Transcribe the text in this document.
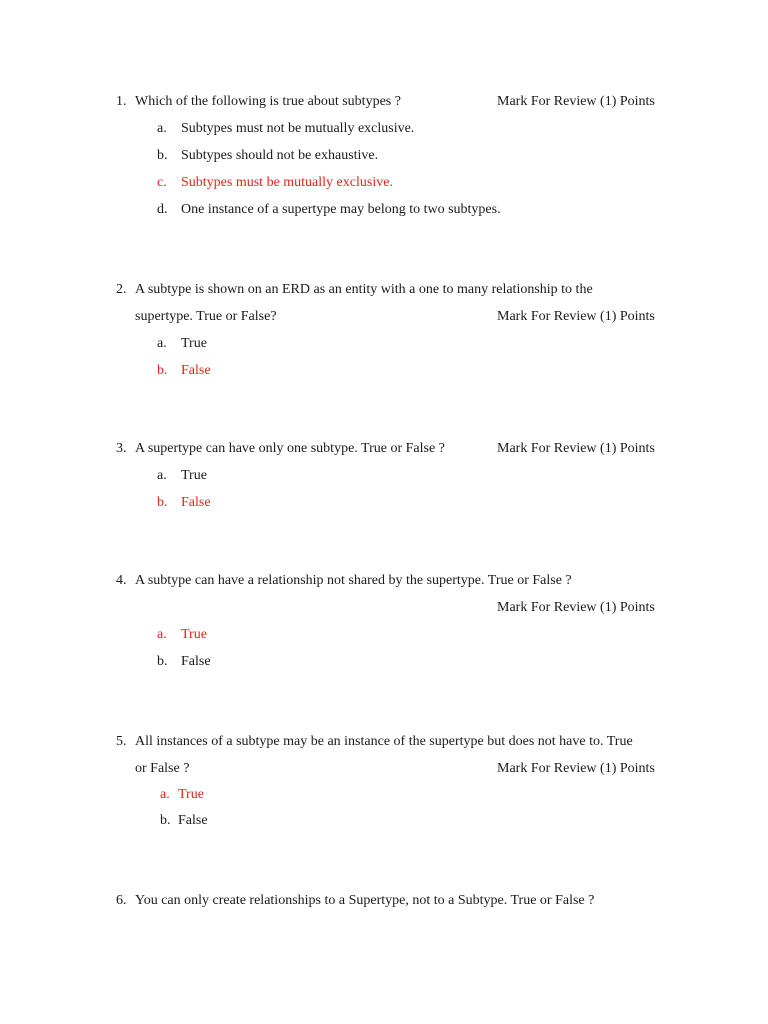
1. Which of the following is true about subtypes ?	Mark For Review (1) Points
a. Subtypes must not be mutually exclusive.
b. Subtypes should not be exhaustive.
c. Subtypes must be mutually exclusive.
d. One instance of a supertype may belong to two subtypes.
2. A subtype is shown on an ERD as an entity with a one to many relationship to the
supertype. True or False?	Mark For Review (1) Points
a. True
b. False
3. A supertype can have only one subtype. True or False ?	Mark For Review (1) Points
a. True
b. False
4. A subtype can have a relationship not shared by the supertype. True or False ?
Mark For Review (1) Points
a. True
b. False
5. All instances of a subtype may be an instance of the supertype but does not have to. True
or False ?	Mark For Review (1) Points
a. True
b. False
6. You can only create relationships to a Supertype, not to a Subtype. True or False ?
